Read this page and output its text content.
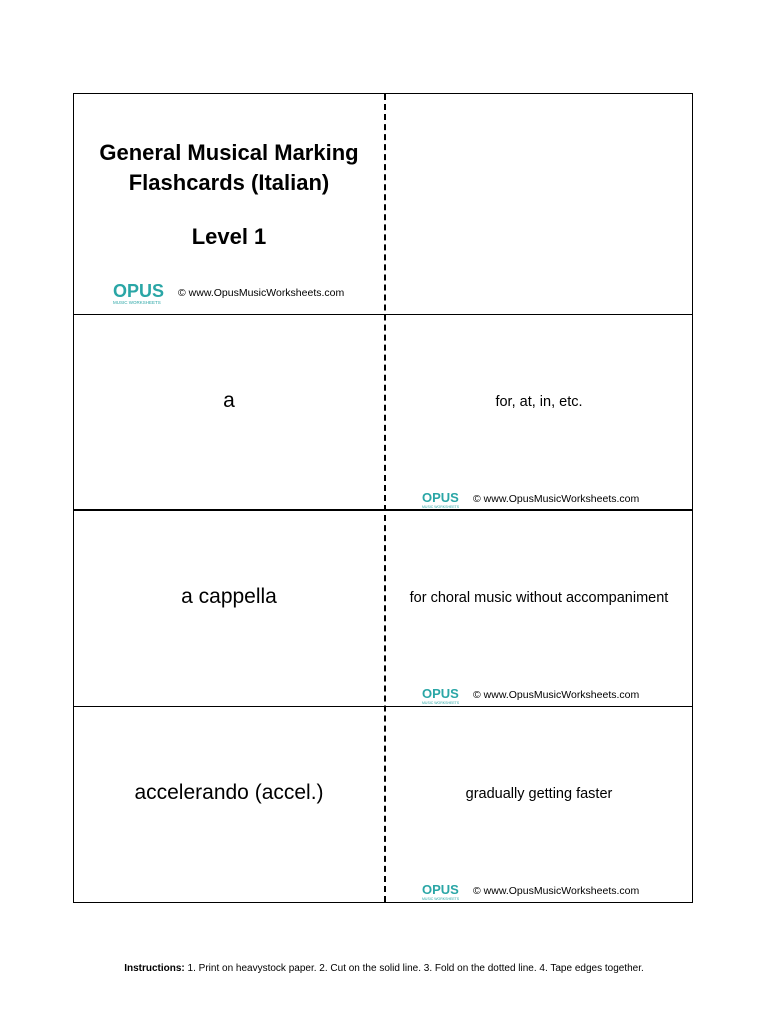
General Musical Marking
Flashcards (Italian)
Level 1
OPUS
MUSIC WORKSHEETS
© www.OpusMusicWorksheets.com
a	for, at, in, etc.
OPUS
MUSIC WORKSHEETS
© www.OpusMusicWorksheets.com
a cappella	for choral music without accompaniment
OPUS
MUSIC WORKSHEETS
© www.OpusMusicWorksheets.com
accelerando (accel.)	gradually getting faster
OPUS
MUSIC WORKSHEETS
© www.OpusMusicWorksheets.com
Instructions: 1. Print on heavystock paper. 2. Cut on the solid line. 3. Fold on the dotted line. 4. Tape edges together.
